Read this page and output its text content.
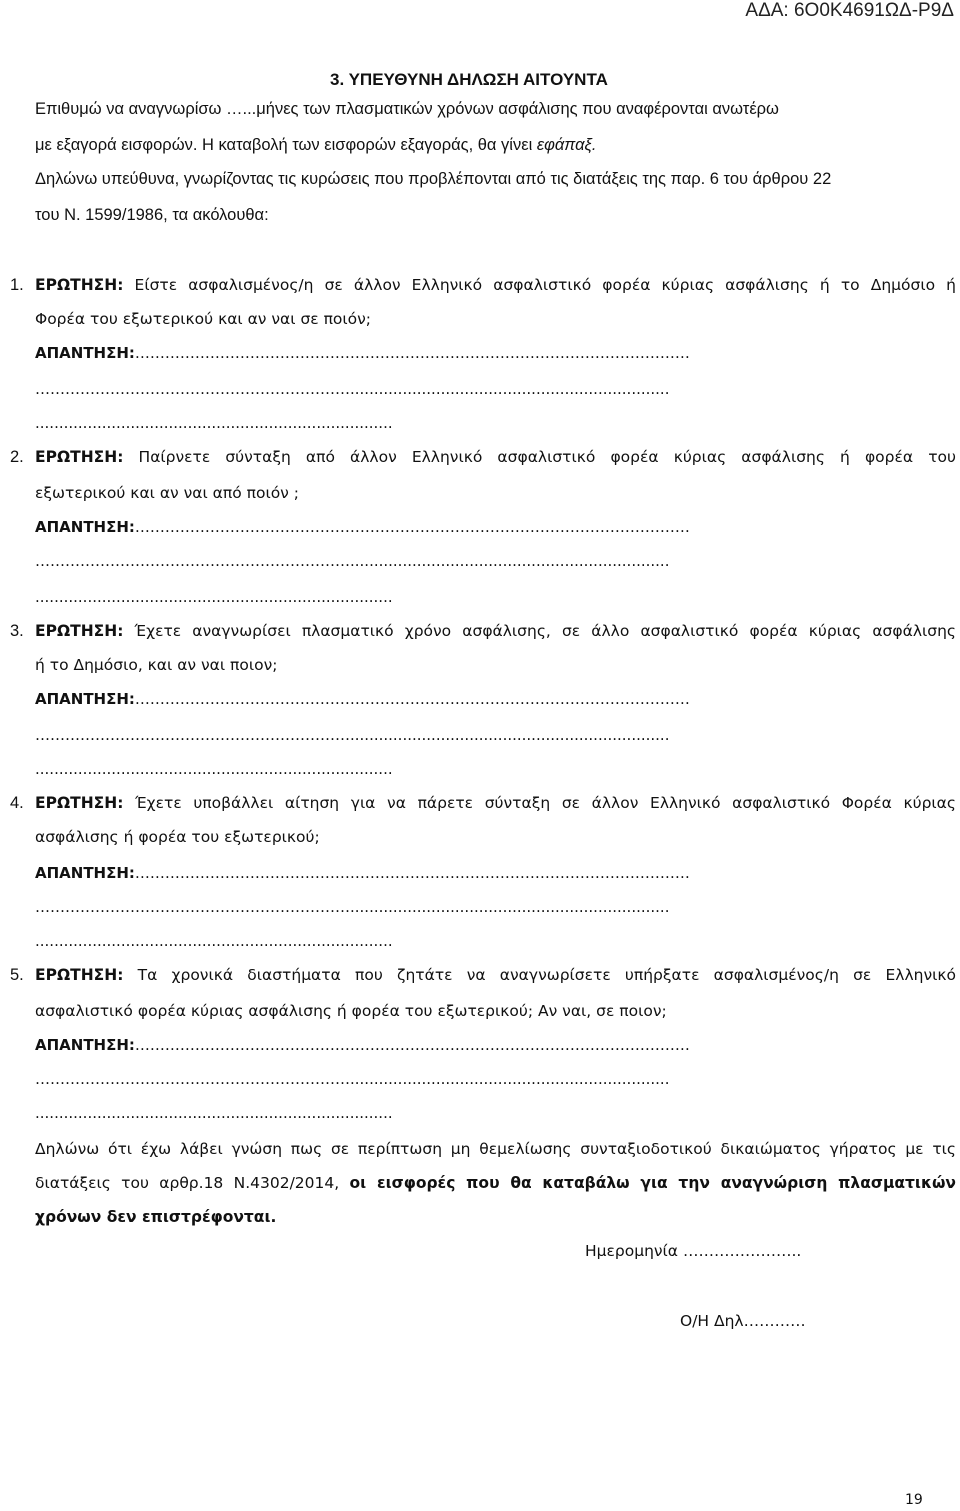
ΑΔΑ: 6Ο0Κ4691ΩΔ-Ρ9Δ
3. ΥΠΕΥΘΥΝΗ ΔΗΛΩΣΗ ΑΙΤΟΥΝΤΑ
Επιθυμώ να αναγνωρίσω …...μήνες των πλασματικών χρόνων ασφάλισης που αναφέρονται ανωτέρω
με εξαγορά εισφορών. Η καταβολή των εισφορών εξαγοράς, θα γίνει εφάπαξ.
Δηλώνω υπεύθυνα, γνωρίζοντας τις κυρώσεις που προβλέπονται από τις διατάξεις της παρ. 6 του άρθρου 22
του Ν. 1599/1986, τα ακόλουθα:
1. ΕΡΩΤΗΣΗ: Είστε ασφαλισμένος/η σε άλλον Ελληνικό ασφαλιστικό φορέα κύριας ασφάλισης ή το Δημόσιο ή
Φορέα του εξωτερικού και αν ναι σε ποιόν;
ΑΠΑΝΤΗΣΗ:…………………………………………………………………………………………………
………………………………………………………...................................................................
...........................................................................
2. ΕΡΩΤΗΣΗ: Παίρνετε σύνταξη από άλλον Ελληνικό ασφαλιστικό φορέα κύριας ασφάλισης ή φορέα του
εξωτερικού και αν ναι από ποιόν ;
ΑΠΑΝΤΗΣΗ:…………………………………………………………………………………………………
………………………………………………………...................................................................
...........................................................................
3. ΕΡΩΤΗΣΗ: Έχετε αναγνωρίσει πλασματικό χρόνο ασφάλισης, σε άλλο ασφαλιστικό φορέα κύριας ασφάλισης
ή το Δημόσιο, και αν ναι ποιον;
ΑΠΑΝΤΗΣΗ:…………………………………………………………………………………………………
………………………………………………………...................................................................
...........................................................................
4. ΕΡΩΤΗΣΗ: Έχετε υποβάλλει αίτηση για να πάρετε σύνταξη σε άλλον Ελληνικό ασφαλιστικό Φορέα κύριας
ασφάλισης ή φορέα του εξωτερικού;
ΑΠΑΝΤΗΣΗ:…………………………………………………………………………………………………
………………………………………………………...................................................................
...........................................................................
5. ΕΡΩΤΗΣΗ: Τα χρονικά διαστήματα που ζητάτε να αναγνωρίσετε υπήρξατε ασφαλισμένος/η σε Ελληνικό
ασφαλιστικό φορέα κύριας ασφάλισης ή φορέα του εξωτερικού; Αν ναι, σε ποιον;
ΑΠΑΝΤΗΣΗ:…………………………………………………………………………………………………
………………………………………………………...................................................................
...........................................................................
Δηλώνω ότι έχω λάβει γνώση πως σε περίπτωση μη θεμελίωσης συνταξιοδοτικού δικαιώματος γήρατος με τις
διατάξεις του αρθρ.18 Ν.4302/2014, οι εισφορές που θα καταβάλω για την αναγνώριση πλασματικών
χρόνων δεν επιστρέφονται.
Ημερομηνία …………………..
Ο/Η Δηλ…………
19
